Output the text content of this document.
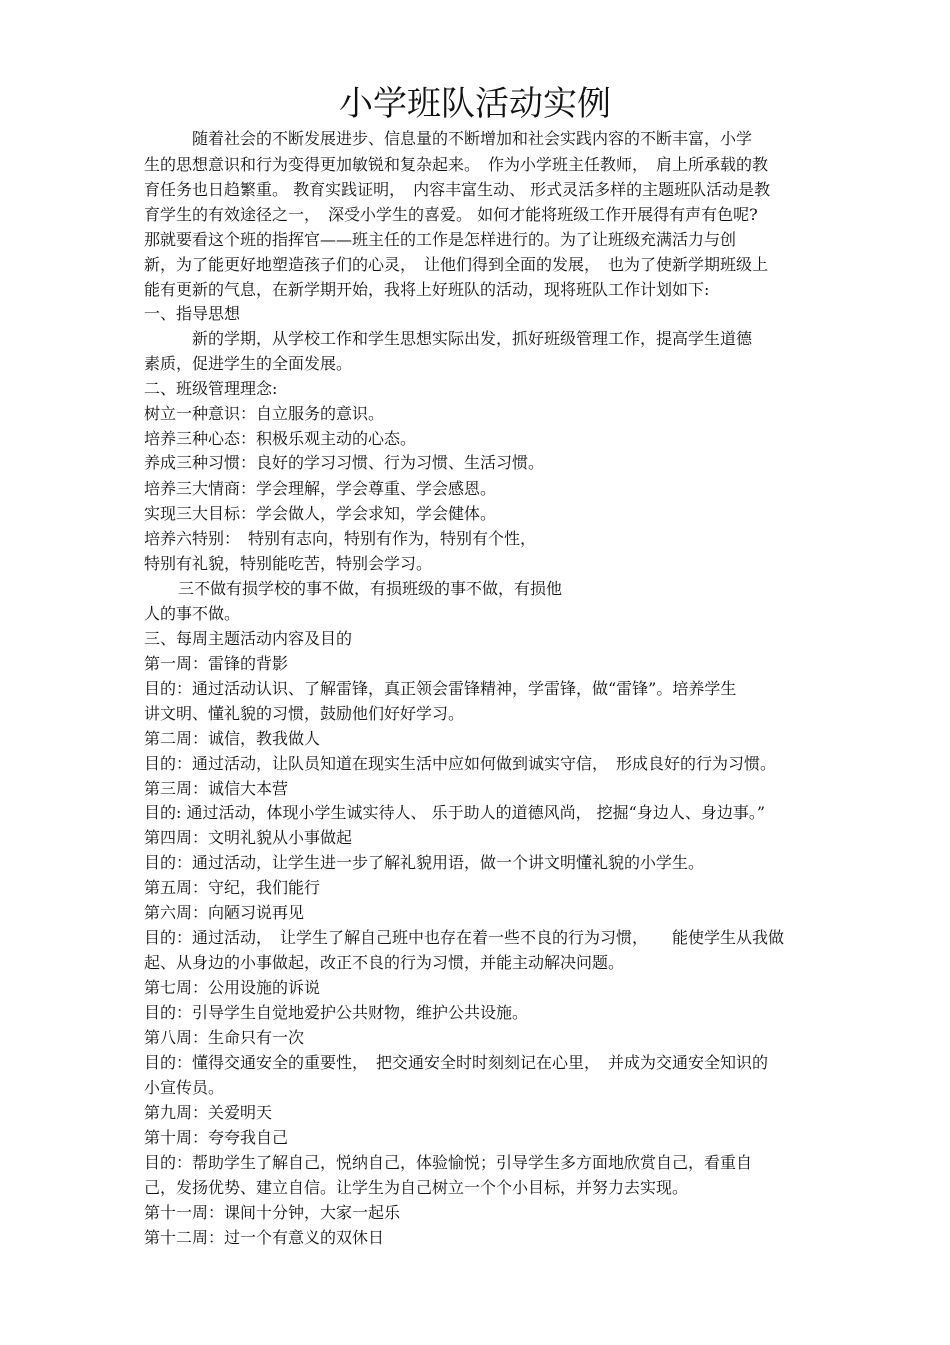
小学班队活动实例
随着社会的不断发展进步、信息量的不断增加和社会实践内容的不断丰富，小学
生的思想意识和行为变得更加敏锐和复杂起来。　作为小学班主任教师，　肩上所承载的教
育任务也日趋繁重。 教育实践证明，　内容丰富生动、 形式灵活多样的主题班队活动是教
育学生的有效途径之一，　深受小学生的喜爱。 如何才能将班级工作开展得有声有色呢?
那就要看这个班的指挥官——班主任的工作是怎样进行的。为了让班级充满活力与创
新，为了能更好地塑造孩子们的心灵，　让他们得到全面的发展，　也为了使新学期班级上
能有更新的气息，在新学期开始，我将上好班队的活动，现将班队工作计划如下:
一、指导思想
新的学期，从学校工作和学生思想实际出发，抓好班级管理工作，提高学生道德
素质，促进学生的全面发展。
二、班级管理理念:
树立一种意识：自立服务的意识。
培养三种心态：积极乐观主动的心态。
养成三种习惯：良好的学习习惯、行为习惯、生活习惯。
培养三大情商：学会理解，学会尊重、学会感恩。
实现三大目标：学会做人，学会求知，学会健体。
培养六特别：　特别有志向，特别有作为，特别有个性，
特别有礼貌，特别能吃苦，特别会学习。
三不做有损学校的事不做，有损班级的事不做，有损他
人的事不做。
三、每周主题活动内容及目的
第一周：雷锋的背影
目的：通过活动认识、了解雷锋，真正领会雷锋精神，学雷锋，做“雷锋”。培养学生
讲文明、懂礼貌的习惯，鼓励他们好好学习。
第二周：诚信，教我做人
目的：通过活动，让队员知道在现实生活中应如何做到诚实守信，　形成良好的行为习惯。
第三周：诚信大本营
目的: 通过活动，体现小学生诚实待人、 乐于助人的道德风尚， 挖掘“身边人、身边事。”
第四周：文明礼貌从小事做起
目的：通过活动，让学生进一步了解礼貌用语，做一个讲文明懂礼貌的小学生。
第五周：守纪，我们能行
第六周：向陋习说再见
目的：通过活动，　让学生了解自己班中也存在着一些不良的行为习惯，　　能使学生从我做
起、从身边的小事做起，改正不良的行为习惯，并能主动解决问题。
第七周：公用设施的诉说
目的：引导学生自觉地爱护公共财物，维护公共设施。
第八周：生命只有一次
目的：懂得交通安全的重要性，　把交通安全时时刻刻记在心里，　并成为交通安全知识的
小宣传员。
第九周：关爱明天
第十周：夸夸我自己
目的：帮助学生了解自己，悦纳自己，体验愉悦；引导学生多方面地欣赏自己，看重自
己，发扬优势、建立自信。让学生为自己树立一个个小目标，并努力去实现。
第十一周：课间十分钟，大家一起乐
第十二周：过一个有意义的双休日
